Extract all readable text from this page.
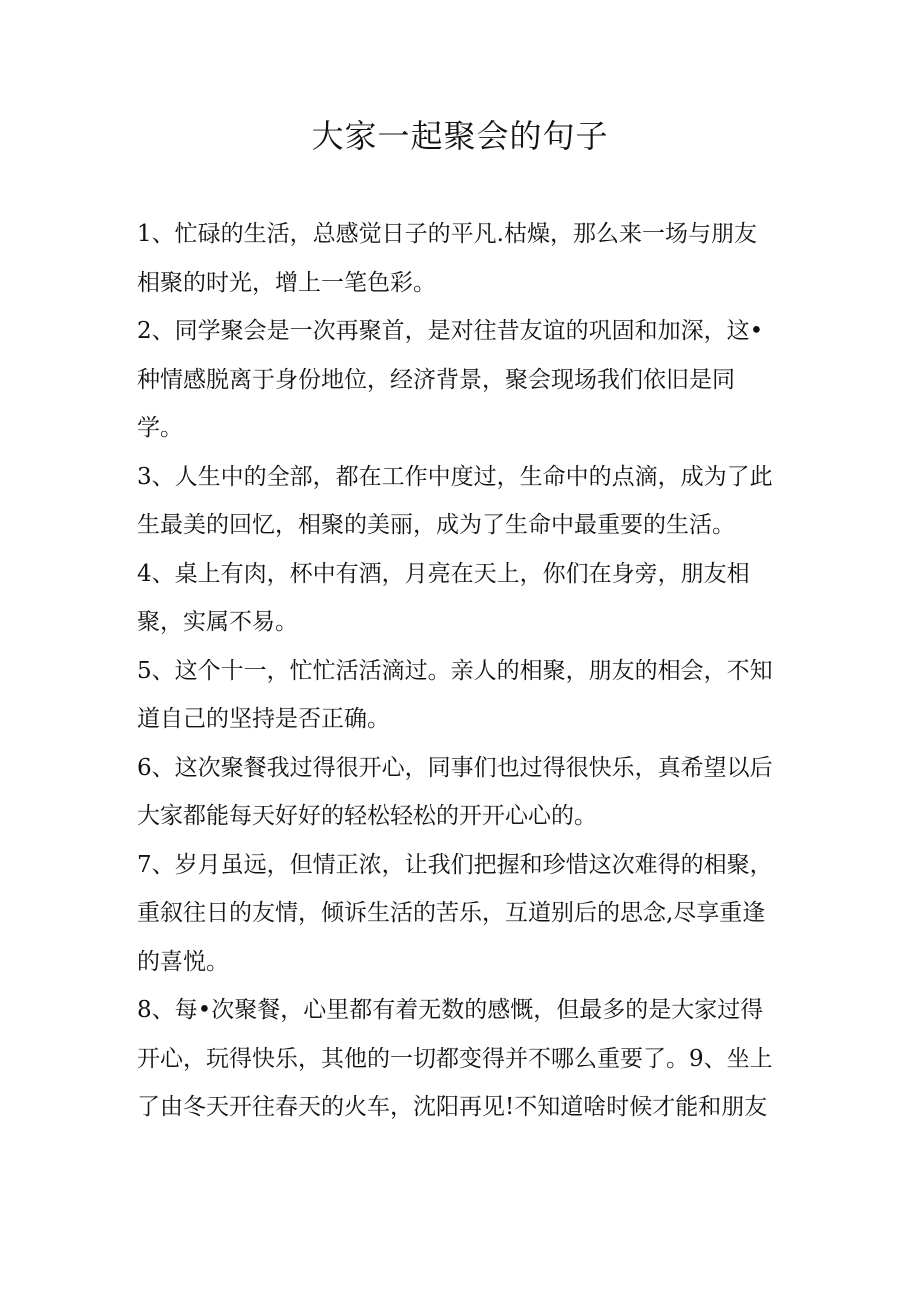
大家一起聚会的句子
1、忙碌的生活，总感觉日子的平凡.枯燥，那么来一场与朋友
相聚的时光，增上一笔色彩。
2、同学聚会是一次再聚首，是对往昔友谊的巩固和加深，这•
种情感脱离于身份地位，经济背景，聚会现场我们依旧是同
学。
3、人生中的全部，都在工作中度过，生命中的点滴，成为了此
生最美的回忆，相聚的美丽，成为了生命中最重要的生活。
4、桌上有肉，杯中有酒，月亮在天上，你们在身旁，朋友相
聚，实属不易。
5、这个十一，忙忙活活滴过。亲人的相聚，朋友的相会，不知
道自己的坚持是否正确。
6、这次聚餐我过得很开心，同事们也过得很快乐，真希望以后
大家都能每天好好的轻松轻松的开开心心的。
7、岁月虽远，但情正浓，让我们把握和珍惜这次难得的相聚，
重叙往日的友情，倾诉生活的苦乐，互道别后的思念,尽享重逢
的喜悦。
8、每•次聚餐，心里都有着无数的感慨，但最多的是大家过得
开心，玩得快乐，其他的一切都变得并不哪么重要了。9、坐上
了由冬天开往春天的火车，沈阳再见!不知道啥时候才能和朋友
